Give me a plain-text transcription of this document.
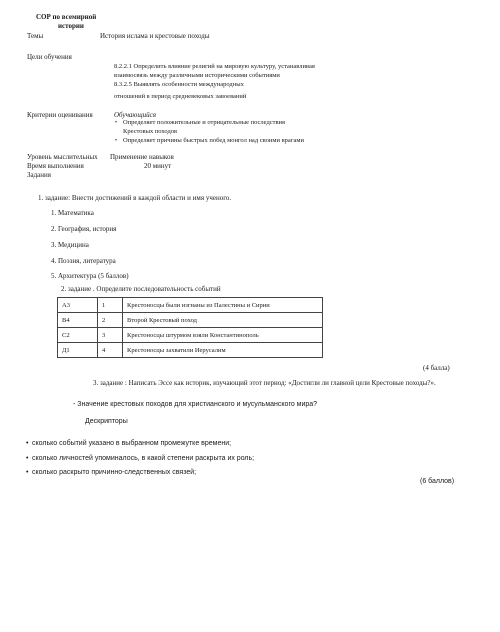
СОР по всемирной
истории
Темы	История ислама и крестовые походы
Цели обучения
8.2.2.1 Определить влияние религий на мировую культуру, устанавливая
взаимосвязь между различными историческими событиями
8.3.2.5 Выявлять особенности международных
отношений в период средневековых завоеваний
Критерии оценивания	Обучающийся
• Определяет положительные и отрицательные последствия
Крестовых походов
• Определяет причины быстрых побед монгол над своими врагами
Уровень мыслительных Применение навыков
Время выполнения	20 минут
Задания
1. задание: Внести достижений в каждой области и имя ученого.
1. Математика
2. География, история
3. Медицина
4. Поэзия, литература
5. Архитектура (5 баллов)
2. задание . Определите последовательность событий
А3	1	Крестоносцы были изгнаны из Палестины и Сирии
В4	2	Второй Крестовый поход
С2	3	Крестоносцы штурмом взяли Константинополь
Д1	4	Крестоносцы захватили Иерусалим
(4 балла)
3. задание : Написать Эссе как историк, изучающий этот период: «Достигли ли главной цели Крестовые походы?».
- Значение крестовых походов для христианского и мусульманского мира?
Дескрипторы
• сколько событий указано в выбранном промежутке времени;
• сколько личностей упоминалось, в какой степени раскрыта их роль;
• сколько раскрыто причинно-следственных связей;
(6 баллов)
